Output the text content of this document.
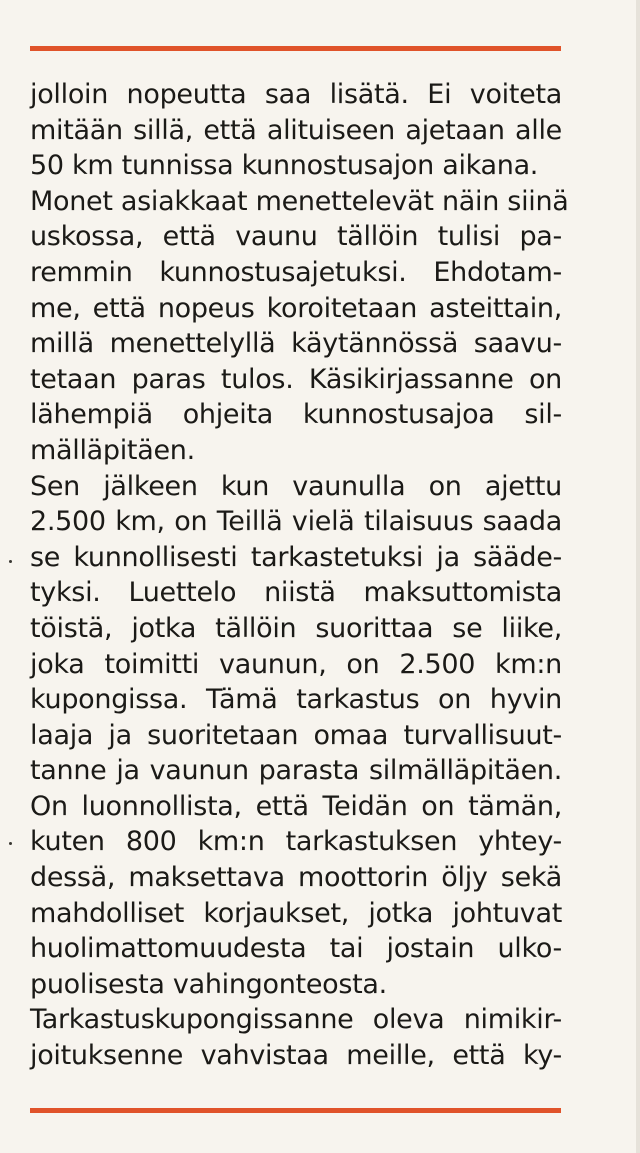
jolloin nopeutta saa lisätä. Ei voiteta
mitään sillä, että alituiseen ajetaan alle
50 km tunnissa kunnostusajon aikana.
Monet asiakkaat menettelevät näin siinä
uskossa, että vaunu tällöin tulisi pa-
remmin kunnostusajetuksi. Ehdotam-
me, että nopeus koroitetaan asteittain,
millä menettelyllä käytännössä saavu-
tetaan paras tulos. Käsikirjassanne on
lähempiä ohjeita kunnostusajoa sil-
mälläpitäen.
Sen jälkeen kun vaunulla on ajettu
2.500 km, on Teillä vielä tilaisuus saada
se kunnollisesti tarkastetuksi ja säädе-
tyksi. Luettelo niistä maksuttomista
töistä, jotka tällöin suorittaa se liike,
joka toimitti vaunun, on 2.500 km:n
kupongissa. Tämä tarkastus on hyvin
laaja ja suoritetaan omaa turvallisuut-
tanne ja vaunun parasta silmälläpitäen.
On luonnollista, että Teidän on tämän,
kuten 800 km:n tarkastuksen yhtey-
dessä, maksettava moottorin öljy sekä
mahdolliset korjaukset, jotka johtuvat
huolimattomuudesta tai jostain ulko-
puolisesta vahingonteosta.
Tarkastuskupongissanne oleva nimikir-
joituksenne vahvistaa meille, että ky-
